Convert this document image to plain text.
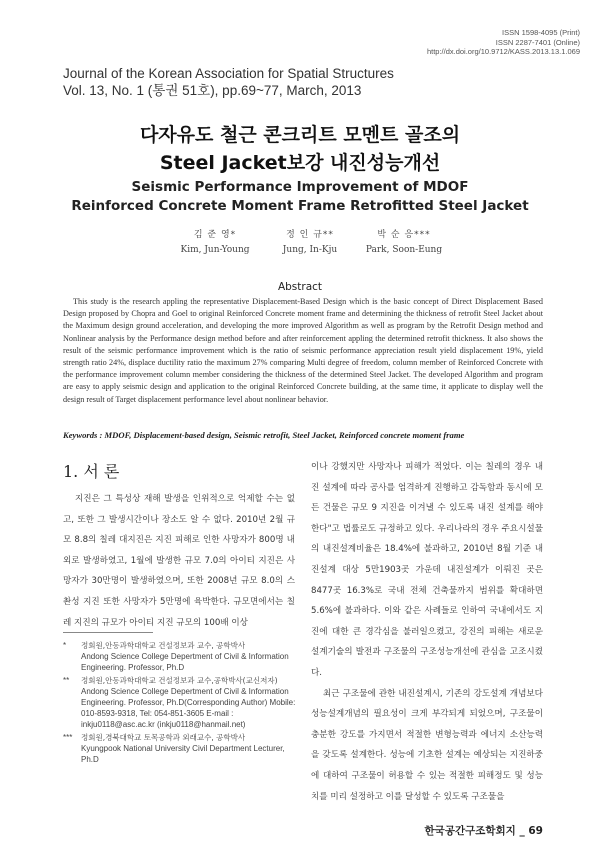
ISSN 1598-4095 (Print)
ISSN 2287-7401 (Online)
http://dx.doi.org/10.9712/KASS.2013.13.1.069
Journal of the Korean Association for Spatial Structures
Vol. 13, No. 1 (통권 51호), pp.69~77, March, 2013
다자유도 철근 콘크리트 모멘트 골조의
Steel Jacket보강 내진성능개선
Seismic Performance Improvement of MDOF
Reinforced Concrete Moment Frame Retrofitted Steel Jacket
김 준 영*
Kim, Jun-Young
정 인 규**
Jung, In-Kju
박 순 응***
Park, Soon-Eung
Abstract
This study is the research appling the representative Displacement-Based Design which is the basic concept of Direct Displacement Based Design proposed by Chopra and Goel to original Reinforced Concrete moment frame and determining the thickness of retrofit Steel Jacket about the Maximum design ground acceleration, and developing the more improved Algorithm as well as program by the Retrofit Design method and Nonlinear analysis by the Performance design method before and after reinforcement appling the determined retrofit thickness. It also shows the result of the seismic performance improvement which is the ratio of seismic performance appreciation result yield displacement 19%, yield strength ratio 24%, displace ductility ratio the maximum 27% comparing Multi degree of freedom, column member of Reinforced Concrete with the performance improvement column member considering the thickness of the determined Steel Jacket. The developed Algorithm and program are easy to apply seismic design and application to the original Reinforced Concrete building, at the same time, it applicate to display well the design result of Target displacement performance level about nonlinear behavior.
Keywords : MDOF, Displacement-based design, Seismic retrofit, Steel Jacket, Reinforced concrete moment frame
1. 서 론

지진은 그 특성상 재해 발생을 인위적으로 억제할 수는 없고, 또한 그 발생시간이나 장소도 알 수 없다. 2010년 2월 규모 8.8의 칠레 대지진은 지진 피해로 인한 사망자가 800명 내외로 발생하였고, 1월에 발생한 규모 7.0의 아이티 지진은 사망자가 30만명이 발생하였으며, 또한 2008년 규모 8.0의 스촨성 지진 또한 사망자가 5만명에 육박한다. 규모면에서는 칠레 지진의 규모가 아이티 지진 규모의 100배 이상

이나 강했지만 사망자나 피해가 적었다. 이는 칠레의 경우 내진 설계에 따라 공사를 엄격하게 진행하고 감독함과 동시에 모든 건물은 규모 9 지진을 이겨낼 수 있도록 내진 설계를 해야 한다"고 법률로도 규정하고 있다. 우리나라의 경우 주요시설물의 내진설계비율은 18.4%에 불과하고, 2010년 8월 기준 내진설계 대상 5만1903곳 가운데 내진설계가 이뤄진 곳은 8477곳 16.3%로 국내 전체 건축물까지 범위를 확대하면 5.6%에 불과하다. 이와 같은 사례들로 인하여 국내에서도 지진에 대한 큰 경각심을 불러일으켰고, 강진의 피해는 새로운 설계기술의 발전과 구조물의 구조성능개선에 관심을 고조시켰다.

최근 구조물에 관한 내진설계시, 기존의 강도설계 개념보다 성능설계개념의 필요성이 크게 부각되게 되었으며, 구조물이 충분한 강도를 가지면서 적절한 변형능력과 에너지 소산능력을 갖도록 설계한다. 성능에 기초한 설계는 예상되는 지진하중에 대하여 구조물이 허용할 수 있는 적절한 피해정도 및 성능치를 미리 설정하고 이를 달성할 수 있도록 구조물을

* 정회원,안동과학대학교 건설정보과 교수, 공학박사
Andong Science College Depertment of Civil & Information Engineering. Professor, Ph.D
** 정회원,안동과학대학교 건설정보과 교수,공학박사(교신저자)
Andong Science College Depertment of Civil & Information Engineering. Professor, Ph.D(Corresponding Author) Mobile: 010-8593-9318, Tel: 054-851-3605 E-mail : inkju0118@asc.ac.kr (inkju0118@hanmail.net)
*** 정회원,경북대학교 토목공학과 외래교수, 공학박사
Kyungpook National University Civil Department Lecturer, Ph.D
한국공간구조학회지 _ 69
